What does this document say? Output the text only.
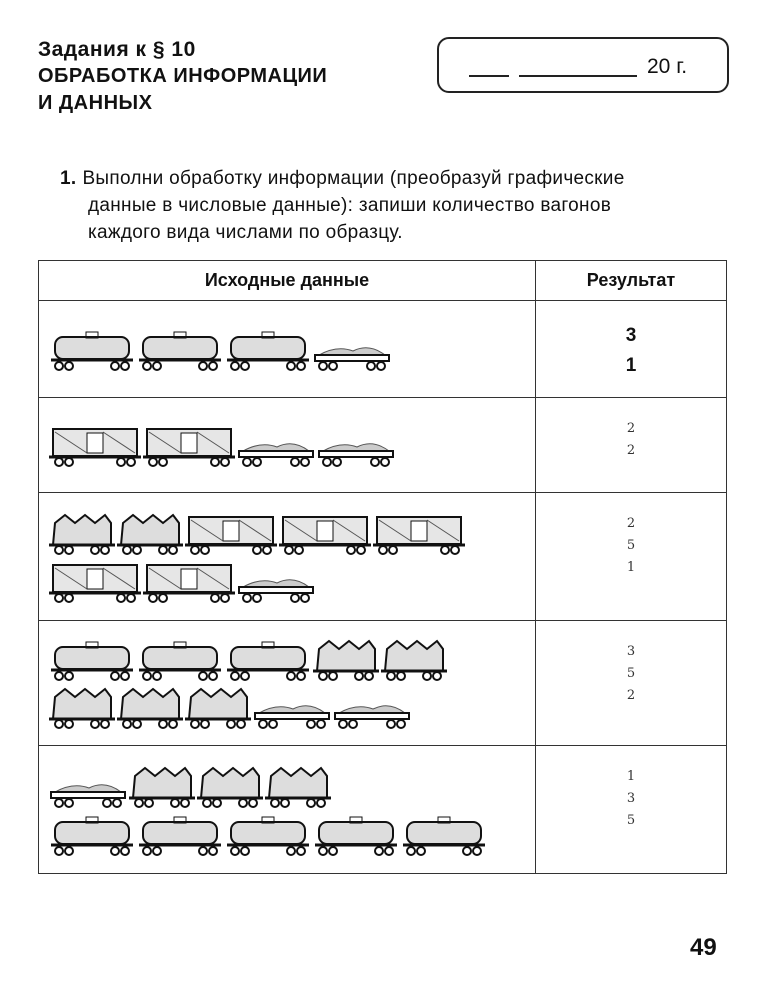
Задания к § 10
ОБРАБОТКА ИНФОРМАЦИИ
И ДАННЫХ
20 г.
1. Выполни обработку информации (преобразуй графические
данные в числовые данные): запиши количество вагонов
каждого вида числами по образцу.
Исходные данные	Результат

3
1

2
2

2
5
1

3
5
2

1
3
5
49
